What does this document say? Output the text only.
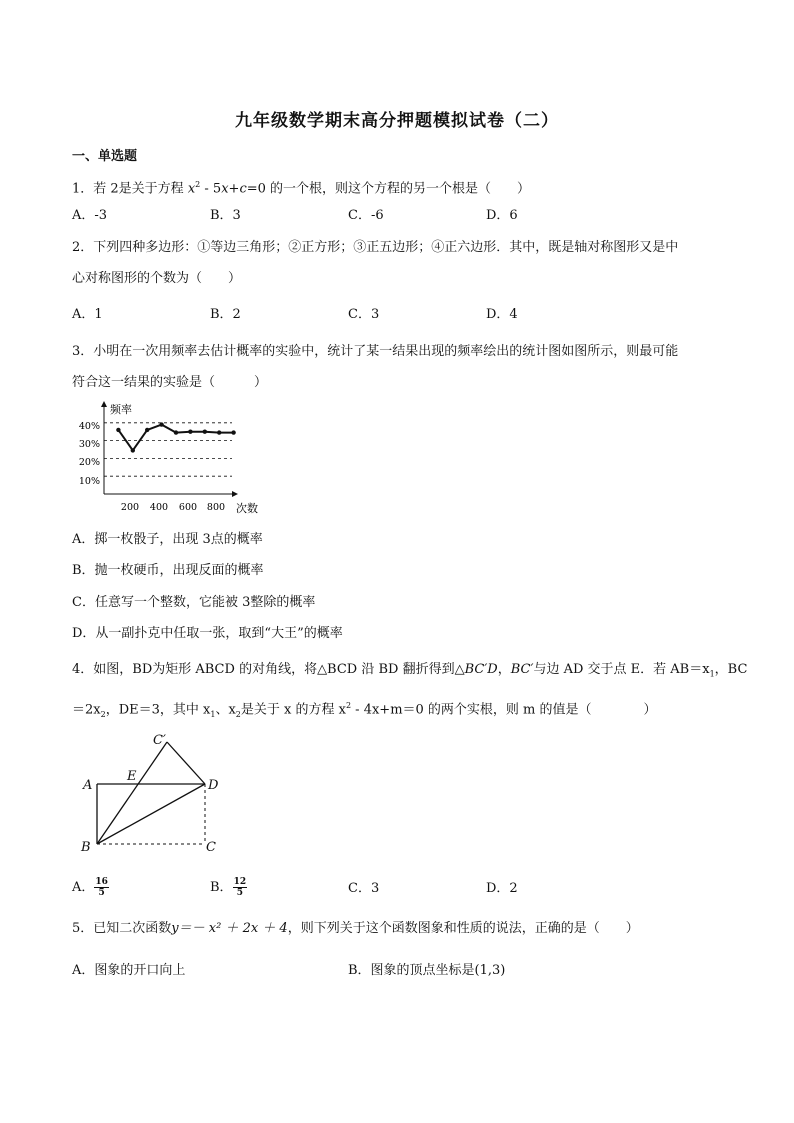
九年级数学期末高分押题模拟试卷（二）
一、单选题
1．若 2是关于方程 $x^2 - 5x+c=0$ 的一个根，则这个方程的另一个根是（　　）
A．-3	B．3	C．-6	D．6
2．下列四种多边形：①等边三角形；②正方形；③正五边形；④正六边形．其中，既是轴对称图形又是中
心对称图形的个数为（　　）
A．1	B．2	C．3	D．4
3．小明在一次用频率去估计概率的实验中，统计了某一结果出现的频率绘出的统计图如图所示，则最可能
符合这一结果的实验是（　　　）
频率
次数
40%
30%
20%
10%
200 400 600 800
A．掷一枚骰子，出现 3点的概率
B．抛一枚硬币，出现反面的概率
C．任意写一个整数，它能被 3整除的概率
D．从一副扑克中任取一张，取到“大王”的概率
4．如图，BD为矩形 ABCD 的对角线，将△BCD 沿 BD 翻折得到△BC′D，BC′与边 AD 交于点 E．若 $AB=x_1$，BC
$=2x_2$，DE＝3，其中 $x_1$、$x_2$是关于 x 的方程 $x^2 - 4x+m=0$ 的两个实根，则 m 的值是（　　　　）
C′
A
E
D
B	C
A． $\frac{16}{5}$	B． $\frac{12}{5}$	C．3	D．2
5．已知二次函数y＝－ x² ＋ 2x ＋ 4，则下列关于这个函数图象和性质的说法，正确的是（　　）
A．图象的开口向上	B．图象的顶点坐标是(1,3)
